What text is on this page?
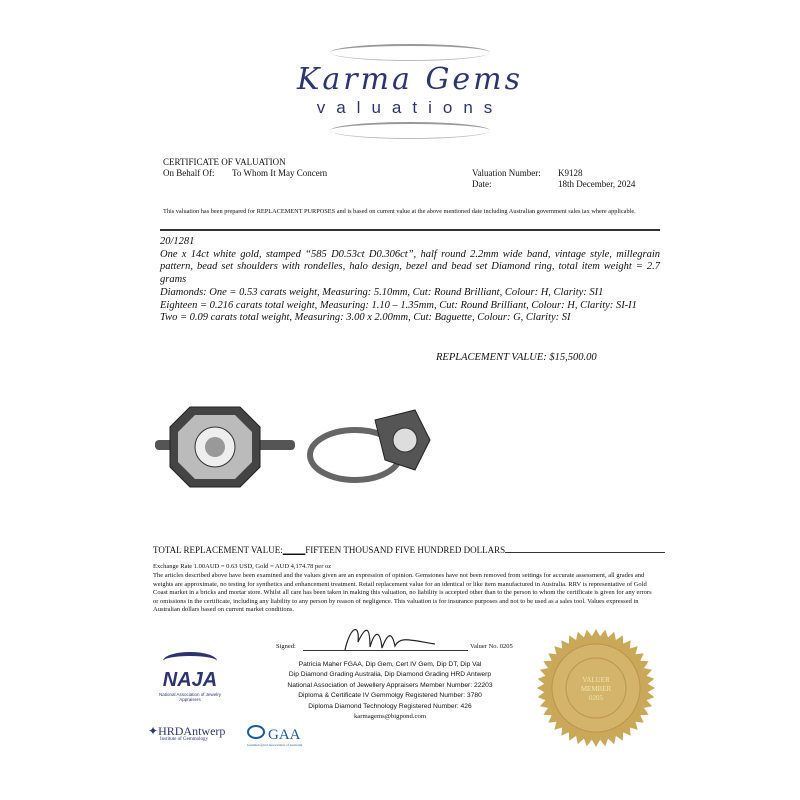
Karma Gems
valuations
CERTIFICATE OF VALUATION
On Behalf Of: To Whom It May Concern	Valuation Number: K9128
Date:	18th December, 2024
This valuation has been prepared for REPLACEMENT PURPOSES and is based on current value at the above mentioned date including Australian government sales tax where applicable.
20/1281
One x 14ct white gold, stamped “585 D0.53ct D0.306ct”, half round 2.2mm wide band, vintage style, millegrain pattern, bead set shoulders with rondelles, halo design, bezel and bead set Diamond ring, total item weight = 2.7 grams
Diamonds: One = 0.53 carats weight, Measuring: 5.10mm, Cut: Round Brilliant, Colour: H, Clarity: SI1
Eighteen = 0.216 carats total weight, Measuring: 1.10 – 1.35mm, Cut: Round Brilliant, Colour: H, Clarity: SI-I1
Two = 0.09 carats total weight, Measuring: 3.00 x 2.00mm, Cut: Baguette, Colour: G, Clarity: SI
REPLACEMENT VALUE: $15,500.00
TOTAL REPLACEMENT VALUE:_____FIFTEEN THOUSAND FIVE HUNDRED DOLLARS
Exchange Rate 1.00AUD = 0.63 USD, Gold = AUD 4,174.78 per oz
The articles described above have been examined and the values given are an expression of opinion. Gemstones have not been removed from settings for accurate assessment, all grades and weights are approximate, no testing for synthetics and enhancement treatment. Retail replacement value for an identical or like item manufactured in Australia. RRV is representative of Gold Coast market in a bricks and mortar store. Whilst all care has been taken in making this valuation, no liability is accepted other than to the person to whom the certificate is given for any errors or omissions in the certificate, including any liability to any person by reason of negligence. This valuation is for insurance purposes and not to be used as a sales tool. Values expressed in Australian dollars based on current market conditions.
Signed:	Valuer No. 0205
Patricia Maher FGAA, Dip Gem, Cert IV Gem, Dip DT, Dip Val
Dip Diamond Grading Australia, Dip Diamond Grading HRD Antwerp
National Association of Jewellery Appraisers Member Number: 22203
Diploma & Certificate IV Gemmolgy Registered Number: 3780
Diploma Diamond Technology Registered Number: 426
karmagems@bigpond.com
NAJA
National Association of Jewelry Appraisers
✦HRDAntwerp
Institute of Gemmology	GAA
Gemmological Association of Australia
VALUER
MEMBER
0205
